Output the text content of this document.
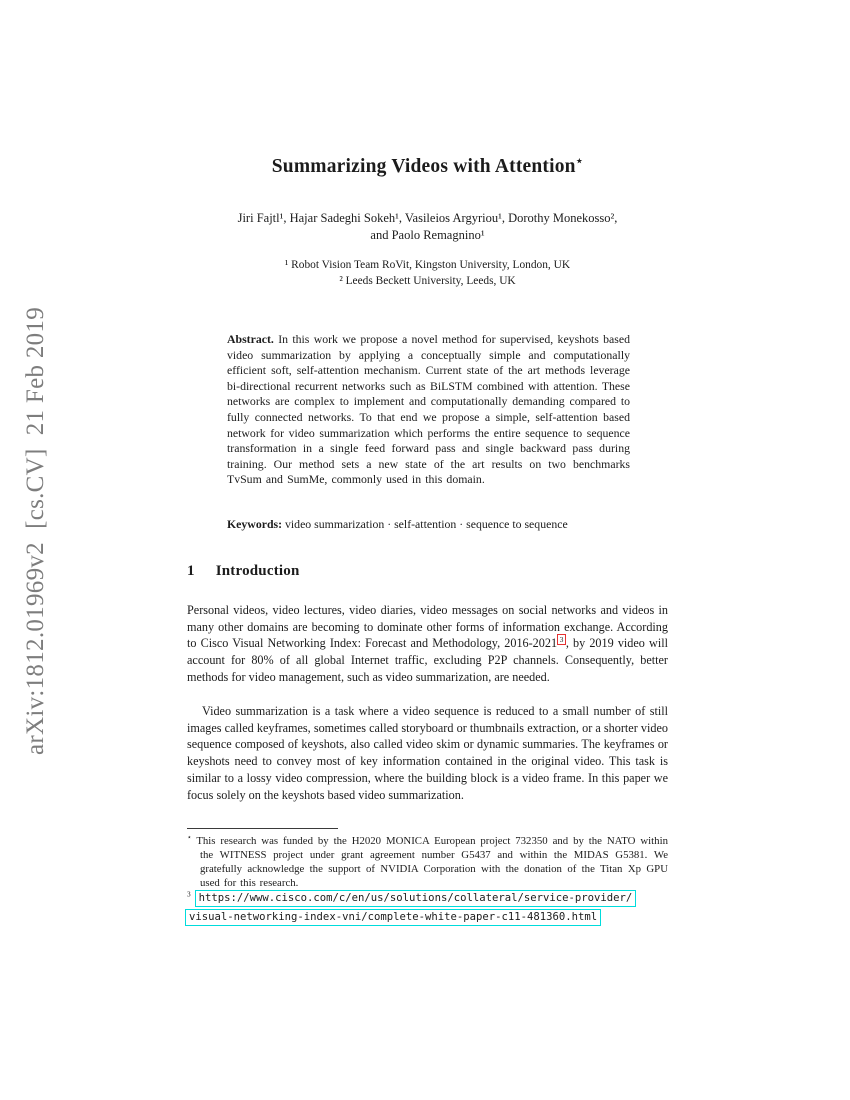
arXiv:1812.01969v2  [cs.CV]  21 Feb 2019
Summarizing Videos with Attention⋆
Jiri Fajtl¹, Hajar Sadeghi Sokeh¹, Vasileios Argyriou¹, Dorothy Monekosso²,
and Paolo Remagnino¹
¹ Robot Vision Team RoVit, Kingston University, London, UK
² Leeds Beckett University, Leeds, UK

Abstract. In this work we propose a novel method for supervised, keyshots based video summarization by applying a conceptually simple and computationally efficient soft, self-attention mechanism. Current state of the art methods leverage bi-directional recurrent networks such as BiLSTM combined with attention. These networks are complex to implement and computationally demanding compared to fully connected networks. To that end we propose a simple, self-attention based network for video summarization which performs the entire sequence to sequence transformation in a single feed forward pass and single backward pass during training. Our method sets a new state of the art results on two benchmarks TvSum and SumMe, commonly used in this domain.

Keywords: video summarization · self-attention · sequence to sequence

1 Introduction

Personal videos, video lectures, video diaries, video messages on social networks and videos in many other domains are becoming to dominate other forms of information exchange. According to Cisco Visual Networking Index: Forecast and Methodology, 2016-2021 $^3$ , by 2019 video will account for 80% of all global Internet traffic, excluding P2P channels. Consequently, better methods for video management, such as video summarization, are needed.

Video summarization is a task where a video sequence is reduced to a small number of still images called keyframes, sometimes called storyboard or thumbnails extraction, or a shorter video sequence composed of keyshots, also called video skim or dynamic summaries. The keyframes or keyshots need to convey most of key information contained in the original video. This task is similar to a lossy video compression, where the building block is a video frame. In this paper we focus solely on the keyshots based video summarization.

⋆ This research was funded by the H2020 MONICA European project 732350 and by the NATO within the WITNESS project under grant agreement number G5437 and within the MIDAS G5381. We gratefully acknowledge the support of NVIDIA Corporation with the donation of the Titan Xp GPU used for this research.

$^3$ https://www.cisco.com/c/en/us/solutions/collateral/service-provider/
visual-networking-index-vni/complete-white-paper-c11-481360.html
